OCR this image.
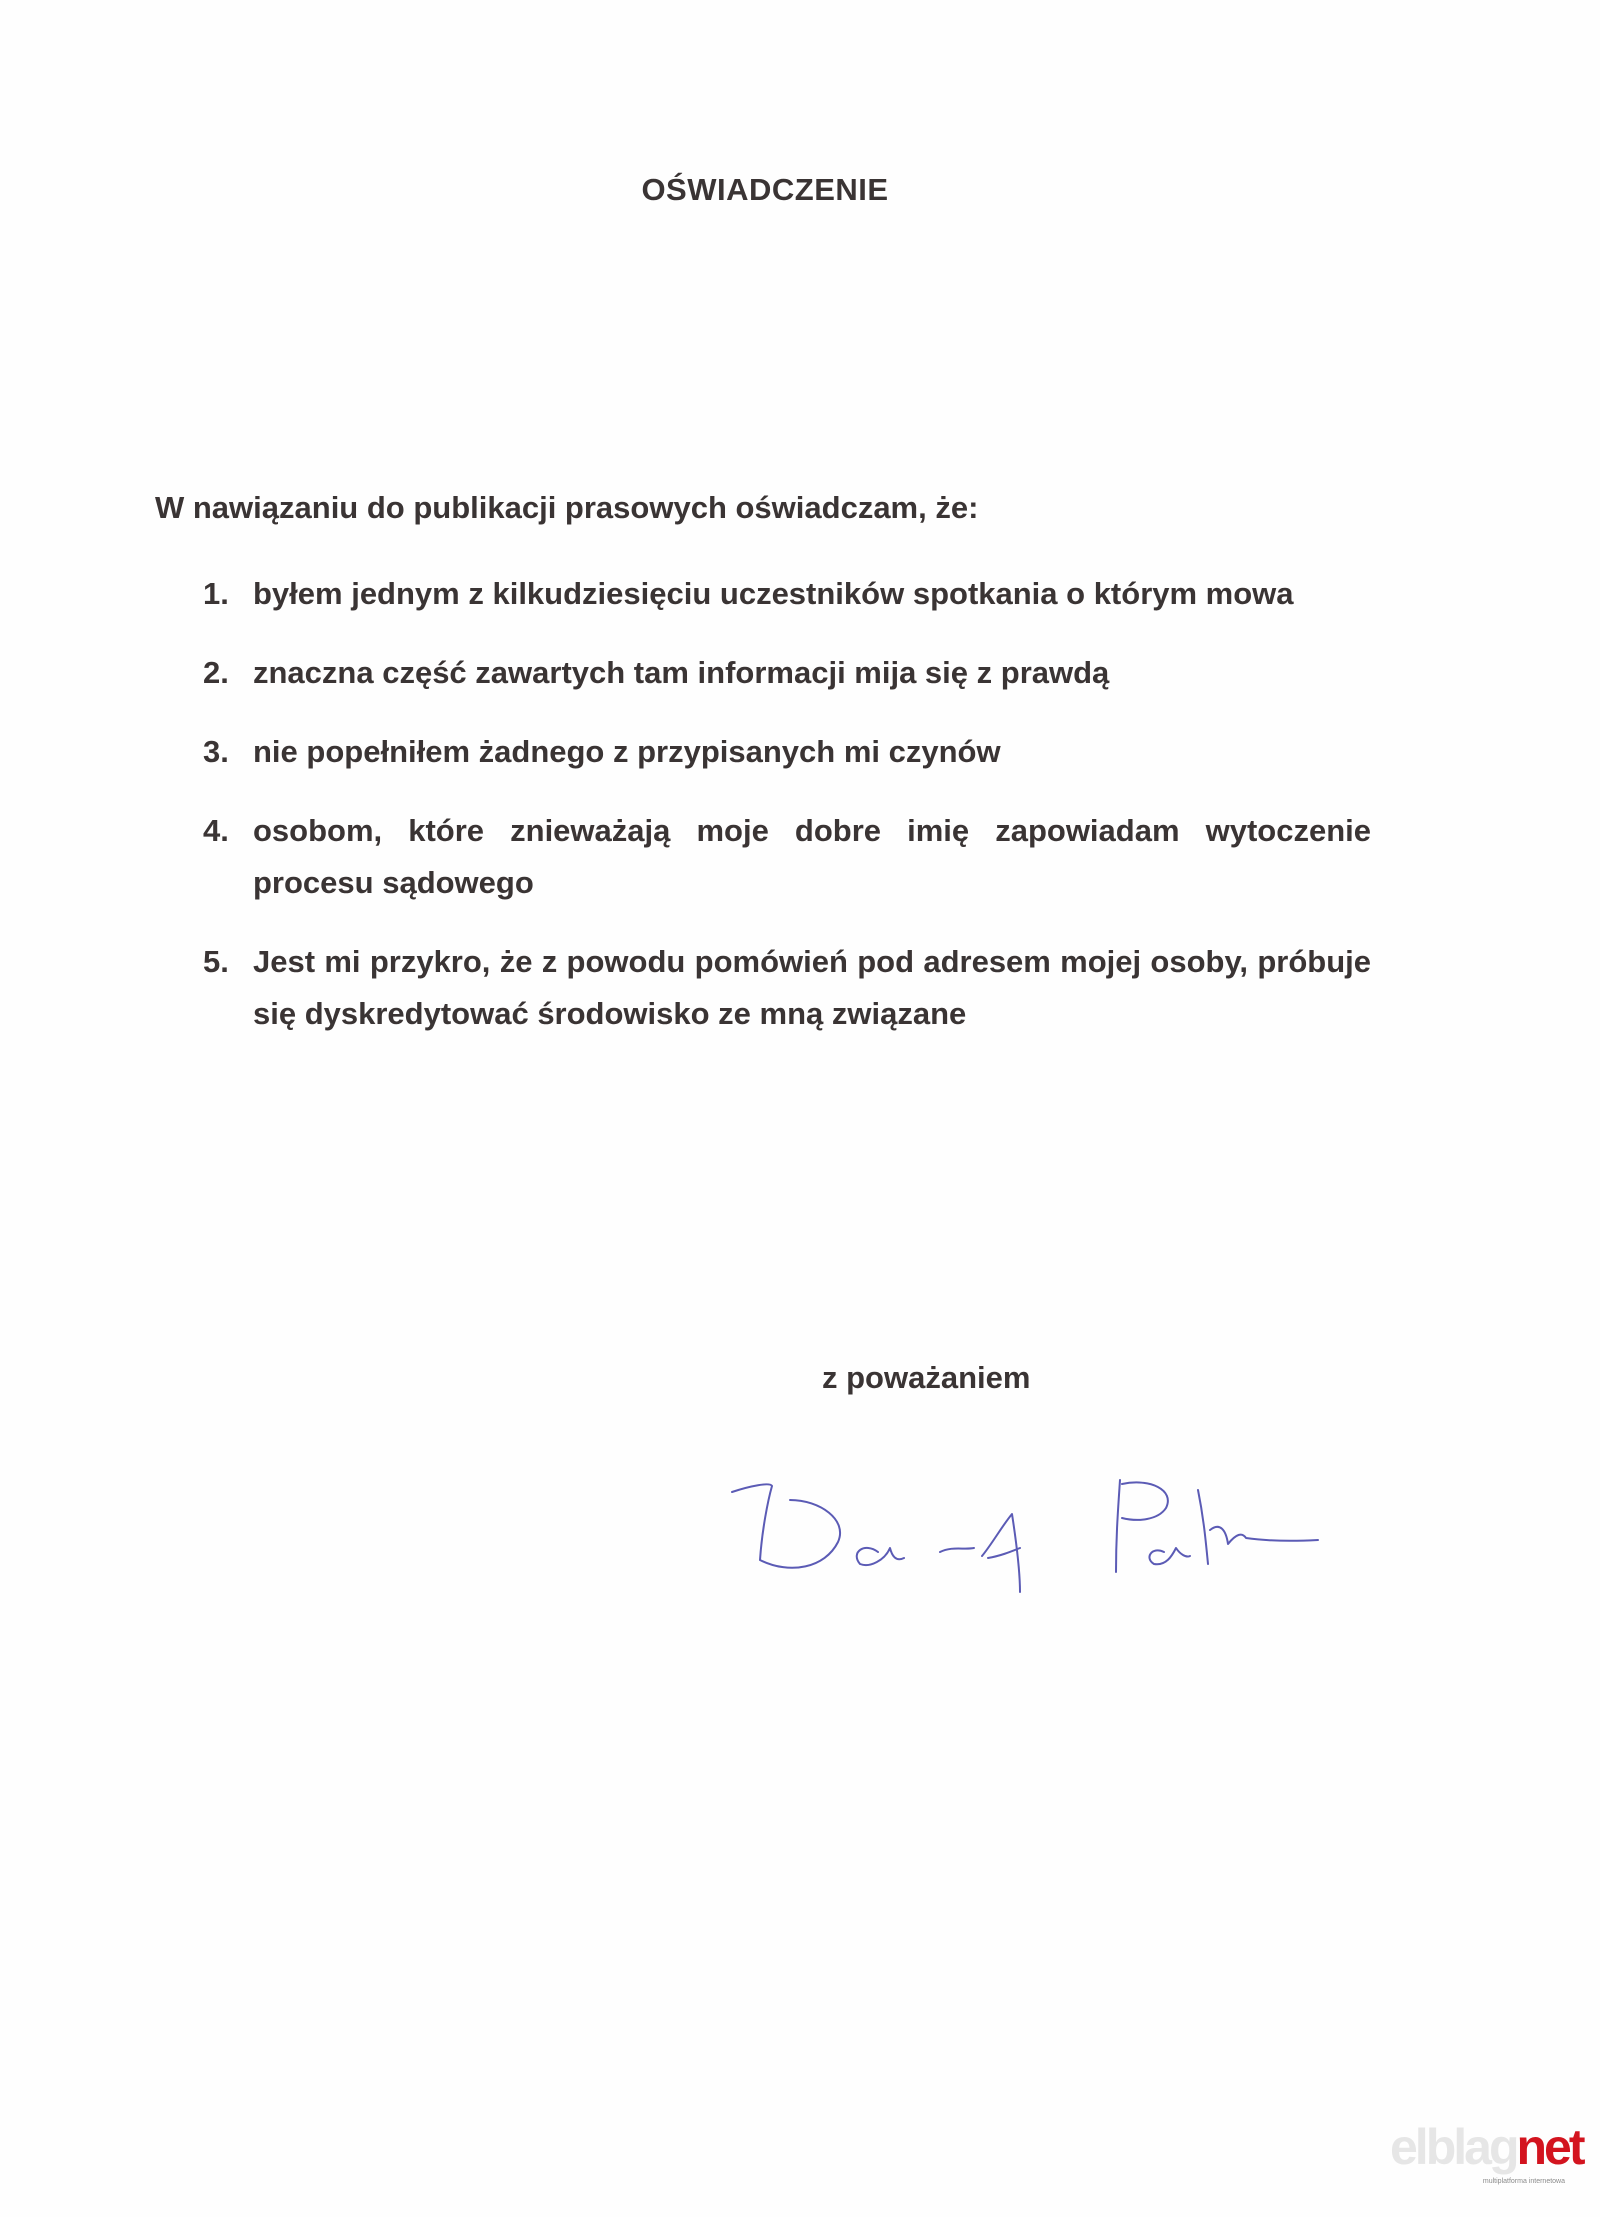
OŚWIADCZENIE
W nawiązaniu do publikacji prasowych oświadczam, że:
1. byłem jednym z kilkudziesięciu uczestników spotkania o którym mowa
2. znaczna część zawartych tam informacji mija się z prawdą
3. nie popełniłem żadnego z przypisanych mi czynów
4. osobom, które znieważają moje dobre imię zapowiadam wytoczenie procesu sądowego
5. Jest mi przykro, że z powodu pomówień pod adresem mojej osoby, próbuje się dyskredytować środowisko ze mną związane
z poważaniem
elblagnet
multiplatforma internetowa
